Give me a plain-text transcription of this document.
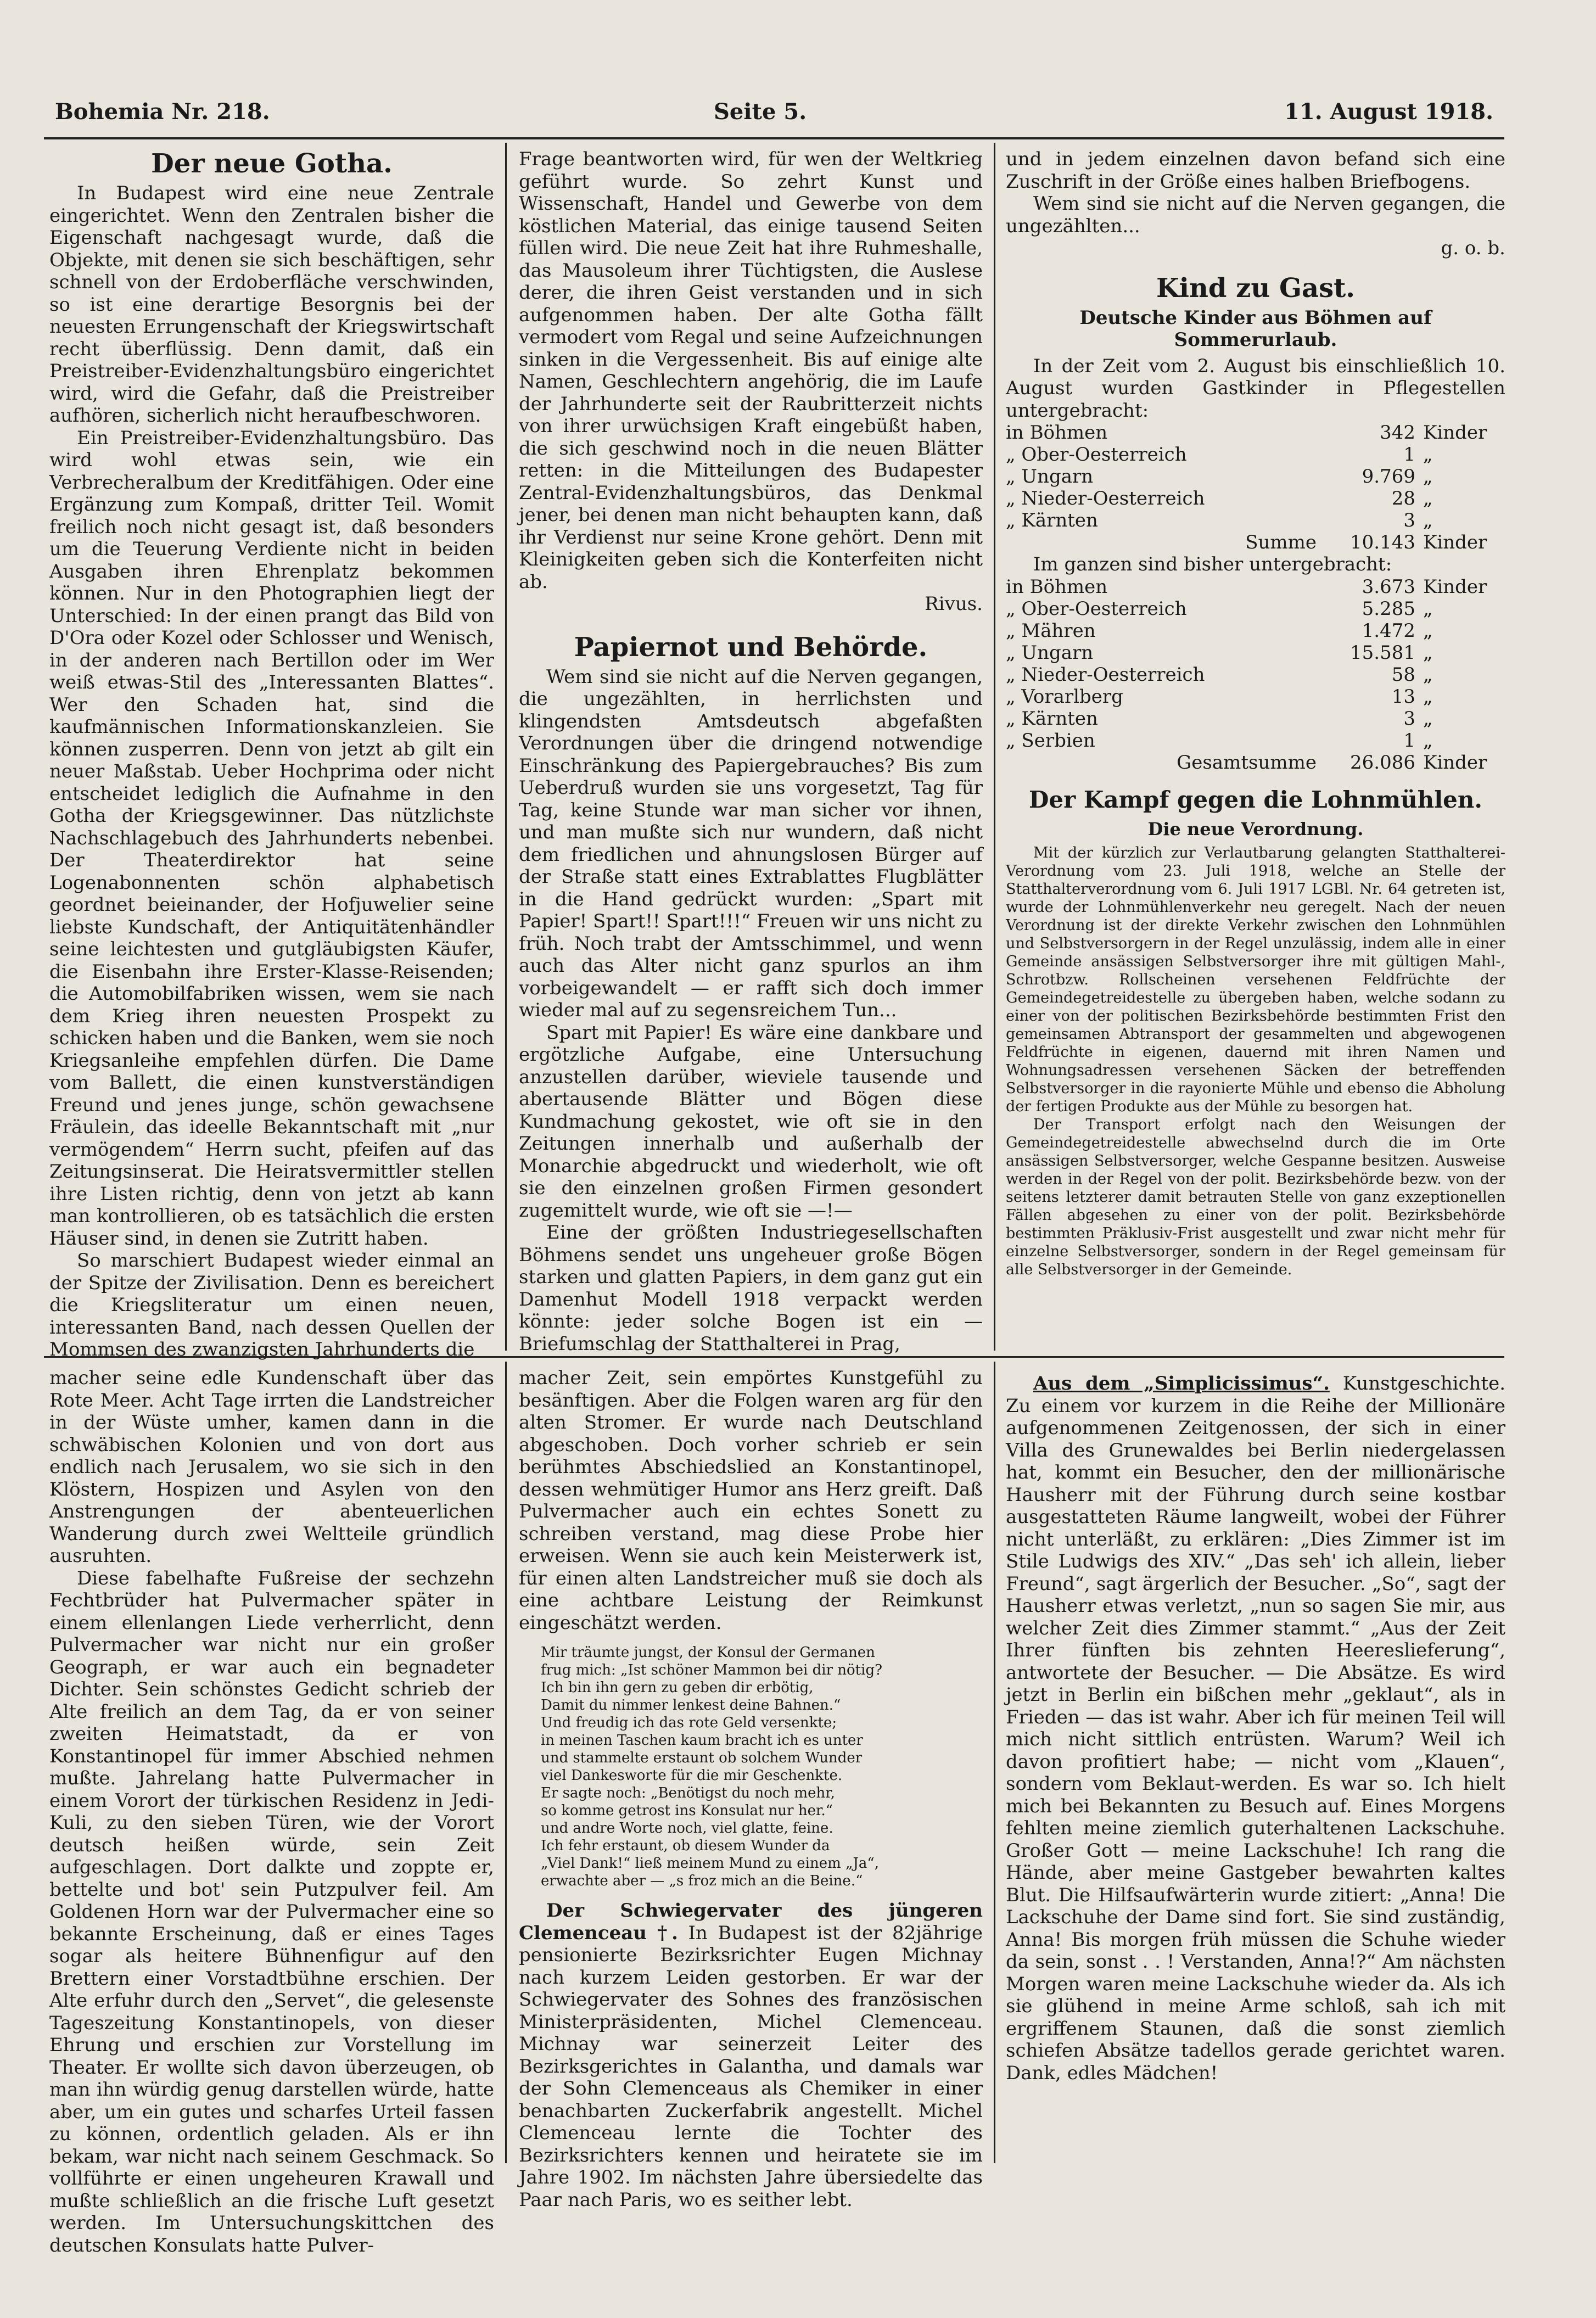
Bohemia Nr. 218.	Seite 5.	11. August 1918.
Der neue Gotha.

In Budapest wird eine neue Zentrale eingerichtet. Wenn den Zentralen bisher die Eigenschaft nachgesagt wurde, daß die Objekte, mit denen sie sich beschäftigen, sehr schnell von der Erdoberfläche verschwinden, so ist eine derartige Besorgnis bei der neuesten Errungenschaft der Kriegswirtschaft recht überflüssig. Denn damit, daß ein Preistreiber-Evidenzhaltungsbüro eingerichtet wird, wird die Gefahr, daß die Preistreiber aufhören, sicherlich nicht heraufbeschworen.

Ein Preistreiber-Evidenzhaltungsbüro. Das wird wohl etwas sein, wie ein Verbrecheralbum der Kreditfähigen. Oder eine Ergänzung zum Kompaß, dritter Teil. Womit freilich noch nicht gesagt ist, daß besonders um die Teuerung Verdiente nicht in beiden Ausgaben ihren Ehrenplatz bekommen können. Nur in den Photographien liegt der Unterschied: In der einen prangt das Bild von D'Ora oder Kozel oder Schlosser und Wenisch, in der anderen nach Bertillon oder im Wer weiß etwas-Stil des „Interessanten Blattes“. Wer den Schaden hat, sind die kaufmännischen Informationskanzleien. Sie können zusperren. Denn von jetzt ab gilt ein neuer Maßstab. Ueber Hochprima oder nicht entscheidet lediglich die Aufnahme in den Gotha der Kriegsgewinner. Das nützlichste Nachschlagebuch des Jahrhunderts nebenbei. Der Theaterdirektor hat seine Logenabonnenten schön alphabetisch geordnet beieinander, der Hofjuwelier seine liebste Kundschaft, der Antiquitätenhändler seine leichtesten und gutgläubigsten Käufer, die Eisenbahn ihre Erster-Klasse-Reisenden; die Automobilfabriken wissen, wem sie nach dem Krieg ihren neuesten Prospekt zu schicken haben und die Banken, wem sie noch Kriegsanleihe empfehlen dürfen. Die Dame vom Ballett, die einen kunstverständigen Freund und jenes junge, schön gewachsene Fräulein, das ideelle Bekanntschaft mit „nur vermögendem“ Herrn sucht, pfeifen auf das Zeitungsinserat. Die Heiratsvermittler stellen ihre Listen richtig, denn von jetzt ab kann man kontrollieren, ob es tatsächlich die ersten Häuser sind, in denen sie Zutritt haben.

So marschiert Budapest wieder einmal an der Spitze der Zivilisation. Denn es bereichert die Kriegsliteratur um einen neuen, interessanten Band, nach dessen Quellen der Mommsen des zwanzigsten Jahrhunderts die

Frage beantworten wird, für wen der Weltkrieg geführt wurde. So zehrt Kunst und Wissenschaft, Handel und Gewerbe von dem köstlichen Material, das einige tausend Seiten füllen wird. Die neue Zeit hat ihre Ruhmeshalle, das Mausoleum ihrer Tüchtigsten, die Auslese derer, die ihren Geist verstanden und in sich aufgenommen haben. Der alte Gotha fällt vermodert vom Regal und seine Aufzeichnungen sinken in die Vergessenheit. Bis auf einige alte Namen, Geschlechtern angehörig, die im Laufe der Jahrhunderte seit der Raubritterzeit nichts von ihrer urwüchsigen Kraft eingebüßt haben, die sich geschwind noch in die neuen Blätter retten: in die Mitteilungen des Budapester Zentral-Evidenzhaltungsbüros, das Denkmal jener, bei denen man nicht behaupten kann, daß ihr Verdienst nur seine Krone gehört. Denn mit Kleinigkeiten geben sich die Konterfeiten nicht ab.

Rivus.
Papiernot und Behörde.

Wem sind sie nicht auf die Nerven gegangen, die ungezählten, in herrlichsten und klingendsten Amtsdeutsch abgefaßten Verordnungen über die dringend notwendige Einschränkung des Papiergebrauches? Bis zum Ueberdruß wurden sie uns vorgesetzt, Tag für Tag, keine Stunde war man sicher vor ihnen, und man mußte sich nur wundern, daß nicht dem friedlichen und ahnungslosen Bürger auf der Straße statt eines Extrablattes Flugblätter in die Hand gedrückt wurden: „Spart mit Papier! Spart!! Spart!!!“ Freuen wir uns nicht zu früh. Noch trabt der Amtsschimmel, und wenn auch das Alter nicht ganz spurlos an ihm vorbeigewandelt — er rafft sich doch immer wieder mal auf zu segensreichem Tun...

Spart mit Papier! Es wäre eine dankbare und ergötzliche Aufgabe, eine Untersuchung anzustellen darüber, wieviele tausende und abertausende Blätter und Bögen diese Kundmachung gekostet, wie oft sie in den Zeitungen innerhalb und außerhalb der Monarchie abgedruckt und wiederholt, wie oft sie den einzelnen großen Firmen gesondert zugemittelt wurde, wie oft sie —!—

Eine der größten Industriegesellschaften Böhmens sendet uns ungeheuer große Bögen starken und glatten Papiers, in dem ganz gut ein Damenhut Modell 1918 verpackt werden könnte: jeder solche Bogen ist ein — Briefumschlag der Statthalterei in Prag,

und in jedem einzelnen davon befand sich eine Zuschrift in der Größe eines halben Briefbogens.

Wem sind sie nicht auf die Nerven gegangen, die ungezählten...

g. o. b.
Kind zu Gast.
Deutsche Kinder aus Böhmen auf Sommerurlaub.

In der Zeit vom 2. August bis einschließlich 10. August wurden Gastkinder in Pflegestellen untergebracht:

in Böhmen	342	Kinder
„ Ober-Oesterreich	1	„
„ Ungarn	9.769	„
„ Nieder-Oesterreich	28	„
„ Kärnten	3	„
Summe	10.143	Kinder

Im ganzen sind bisher untergebracht:

in Böhmen	3.673	Kinder
„ Ober-Oesterreich	5.285	„
„ Mähren	1.472	„
„ Ungarn	15.581	„
„ Nieder-Oesterreich	58	„
„ Vorarlberg	13	„
„ Kärnten	3	„
„ Serbien	1	„
Gesamtsumme	26.086	Kinder
Der Kampf gegen die Lohnmühlen.
Die neue Verordnung.

Mit der kürzlich zur Verlautbarung gelangten Statthalterei-Verordnung vom 23. Juli 1918, welche an Stelle der Statthalterverordnung vom 6. Juli 1917 LGBl. Nr. 64 getreten ist, wurde der Lohnmühlenverkehr neu geregelt. Nach der neuen Verordnung ist der direkte Verkehr zwischen den Lohnmühlen und Selbstversorgern in der Regel unzulässig, indem alle in einer Gemeinde ansässigen Selbstversorger ihre mit gültigen Mahl-, Schrotbzw. Rollscheinen versehenen Feldfrüchte der Gemeindegetreidestelle zu übergeben haben, welche sodann zu einer von der politischen Bezirksbehörde bestimmten Frist den gemeinsamen Abtransport der gesammelten und abgewogenen Feldfrüchte in eigenen, dauernd mit ihren Namen und Wohnungsadressen versehenen Säcken der betreffenden Selbstversorger in die rayonierte Mühle und ebenso die Abholung der fertigen Produkte aus der Mühle zu besorgen hat.

Der Transport erfolgt nach den Weisungen der Gemeindegetreidestelle abwechselnd durch die im Orte ansässigen Selbstversorger, welche Gespanne besitzen. Ausweise werden in der Regel von der polit. Bezirksbehörde bezw. von der seitens letzterer damit betrauten Stelle von ganz exzeptionellen Fällen abgesehen zu einer von der polit. Bezirksbehörde bestimmten Präklusiv-Frist ausgestellt und zwar nicht mehr für einzelne Selbstversorger, sondern in der Regel gemeinsam für alle Selbstversorger in der Gemeinde.

macher seine edle Kundenschaft über das Rote Meer. Acht Tage irrten die Landstreicher in der Wüste umher, kamen dann in die schwäbischen Kolonien und von dort aus endlich nach Jerusalem, wo sie sich in den Klöstern, Hospizen und Asylen von den Anstrengungen der abenteuerlichen Wanderung durch zwei Weltteile gründlich ausruhten.

Diese fabelhafte Fußreise der sechzehn Fechtbrüder hat Pulvermacher später in einem ellenlangen Liede verherrlicht, denn Pulvermacher war nicht nur ein großer Geograph, er war auch ein begnadeter Dichter. Sein schönstes Gedicht schrieb der Alte freilich an dem Tag, da er von seiner zweiten Heimatstadt, da er von Konstantinopel für immer Abschied nehmen mußte. Jahrelang hatte Pulvermacher in einem Vorort der türkischen Residenz in Jedi-Kuli, zu den sieben Türen, wie der Vorort deutsch heißen würde, sein Zeit aufgeschlagen. Dort dalkte und zoppte er, bettelte und bot' sein Putzpulver feil. Am Goldenen Horn war der Pulvermacher eine so bekannte Erscheinung, daß er eines Tages sogar als heitere Bühnenfigur auf den Brettern einer Vorstadtbühne erschien. Der Alte erfuhr durch den „Servet“, die gelesenste Tageszeitung Konstantinopels, von dieser Ehrung und erschien zur Vorstellung im Theater. Er wollte sich davon überzeugen, ob man ihn würdig genug darstellen würde, hatte aber, um ein gutes und scharfes Urteil fassen zu können, ordentlich geladen. Als er ihn bekam, war nicht nach seinem Geschmack. So vollführte er einen ungeheuren Krawall und mußte schließlich an die frische Luft gesetzt werden. Im Untersuchungskittchen des deutschen Konsulats hatte Pulver-

macher Zeit, sein empörtes Kunstgefühl zu besänftigen. Aber die Folgen waren arg für den alten Stromer. Er wurde nach Deutschland abgeschoben. Doch vorher schrieb er sein berühmtes Abschiedslied an Konstantinopel, dessen wehmütiger Humor ans Herz greift. Daß Pulvermacher auch ein echtes Sonett zu schreiben verstand, mag diese Probe hier erweisen. Wenn sie auch kein Meisterwerk ist, für einen alten Landstreicher muß sie doch als eine achtbare Leistung der Reimkunst eingeschätzt werden.

Mir träumte jungst, der Konsul der Germanen
frug mich: „Ist schöner Mammon bei dir nötig?
Ich bin ihn gern zu geben dir erbötig,
Damit du nimmer lenkest deine Bahnen.“
Und freudig ich das rote Geld versenkte;
in meinen Taschen kaum bracht ich es unter
und stammelte erstaunt ob solchem Wunder
viel Dankesworte für die mir Geschenkte.
Er sagte noch: „Benötigst du noch mehr,
so komme getrost ins Konsulat nur her.“
und andre Worte noch, viel glatte, feine.
Ich fehr erstaunt, ob diesem Wunder da
„Viel Dank!“ ließ meinem Mund zu einem „Ja“,
erwachte aber — „s froz mich an die Beine.“

Der Schwiegervater des jüngeren Clemenceau †. In Budapest ist der 82jährige pensionierte Bezirksrichter Eugen Michnay nach kurzem Leiden gestorben. Er war der Schwiegervater des Sohnes des französischen Ministerpräsidenten, Michel Clemenceau. Michnay war seinerzeit Leiter des Bezirksgerichtes in Galantha, und damals war der Sohn Clemenceaus als Chemiker in einer benachbarten Zuckerfabrik angestellt. Michel Clemenceau lernte die Tochter des Bezirksrichters kennen und heiratete sie im Jahre 1902. Im nächsten Jahre übersiedelte das Paar nach Paris, wo es seither lebt.

Aus dem „Simplicissimus“. Kunstgeschichte. Zu einem vor kurzem in die Reihe der Millionäre aufgenommenen Zeitgenossen, der sich in einer Villa des Grunewaldes bei Berlin niedergelassen hat, kommt ein Besucher, den der millionärische Hausherr mit der Führung durch seine kostbar ausgestatteten Räume langweilt, wobei der Führer nicht unterläßt, zu erklären: „Dies Zimmer ist im Stile Ludwigs des XIV.“ „Das seh' ich allein, lieber Freund“, sagt ärgerlich der Besucher. „So“, sagt der Hausherr etwas verletzt, „nun so sagen Sie mir, aus welcher Zeit dies Zimmer stammt.“ „Aus der Zeit Ihrer fünften bis zehnten Heereslieferung“, antwortete der Besucher. — Die Absätze. Es wird jetzt in Berlin ein bißchen mehr „geklaut“, als in Frieden — das ist wahr. Aber ich für meinen Teil will mich nicht sittlich entrüsten. Warum? Weil ich davon profitiert habe; — nicht vom „Klauen“, sondern vom Beklaut-werden. Es war so. Ich hielt mich bei Bekannten zu Besuch auf. Eines Morgens fehlten meine ziemlich guterhaltenen Lackschuhe. Großer Gott — meine Lackschuhe! Ich rang die Hände, aber meine Gastgeber bewahrten kaltes Blut. Die Hilfsaufwärterin wurde zitiert: „Anna! Die Lackschuhe der Dame sind fort. Sie sind zuständig, Anna! Bis morgen früh müssen die Schuhe wieder da sein, sonst . . ! Verstanden, Anna!?“ Am nächsten Morgen waren meine Lackschuhe wieder da. Als ich sie glühend in meine Arme schloß, sah ich mit ergriffenem Staunen, daß die sonst ziemlich schiefen Absätze tadellos gerade gerichtet waren. Dank, edles Mädchen!
